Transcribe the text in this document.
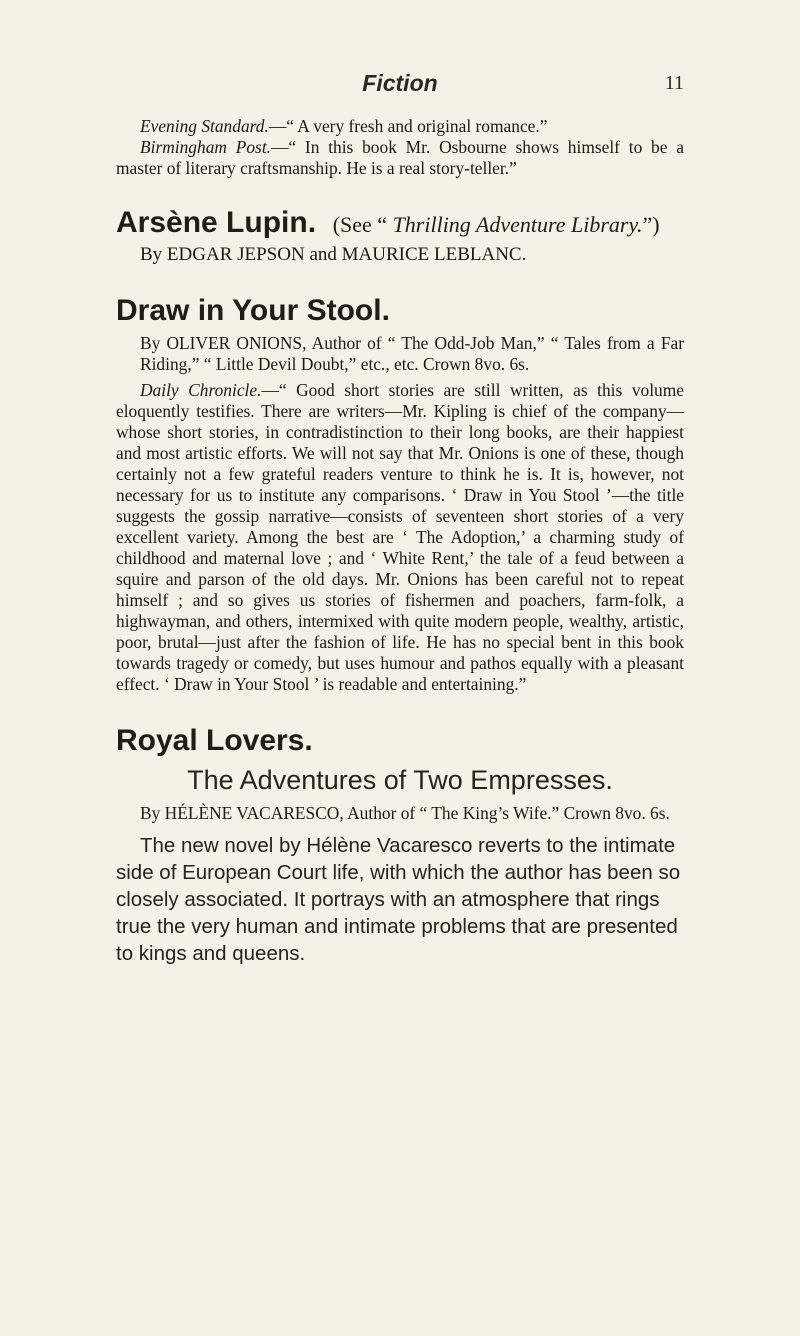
Fiction	11

Evening Standard.—“ A very fresh and original romance.”

Birmingham Post.—“ In this book Mr. Osbourne shows himself to be a master of literary craftsmanship. He is a real story-teller.”

Arsène Lupin. (See “ Thrilling Adventure Library.”)

By EDGAR JEPSON and MAURICE LEBLANC.

Draw in Your Stool.

By OLIVER ONIONS, Author of “ The Odd-Job Man,” “ Tales from a Far Riding,” “ Little Devil Doubt,” etc., etc. Crown 8vo. 6s.

Daily Chronicle.—“ Good short stories are still written, as this volume eloquently testifies. There are writers—Mr. Kipling is chief of the company—whose short stories, in contradistinction to their long books, are their happiest and most artistic efforts. We will not say that Mr. Onions is one of these, though certainly not a few grateful readers venture to think he is. It is, however, not necessary for us to institute any comparisons. ‘ Draw in You Stool ’—the title suggests the gossip narrative—consists of seventeen short stories of a very excellent variety. Among the best are ‘ The Adoption,’ a charming study of childhood and maternal love ; and ‘ White Rent,’ the tale of a feud between a squire and parson of the old days. Mr. Onions has been careful not to repeat himself ; and so gives us stories of fishermen and poachers, farm-folk, a highwayman, and others, intermixed with quite modern people, wealthy, artistic, poor, brutal—just after the fashion of life. He has no special bent in this book towards tragedy or comedy, but uses humour and pathos equally with a pleasant effect. ‘ Draw in Your Stool ’ is readable and entertaining.”

Royal Lovers.

The Adventures of Two Empresses.

By HÉLÈNE VACARESCO, Author of “ The King’s Wife.” Crown 8vo. 6s.

The new novel by Hélène Vacaresco reverts to the intimate side of European Court life, with which the author has been so closely associated. It portrays with an atmosphere that rings true the very human and intimate problems that are presented to kings and queens.
